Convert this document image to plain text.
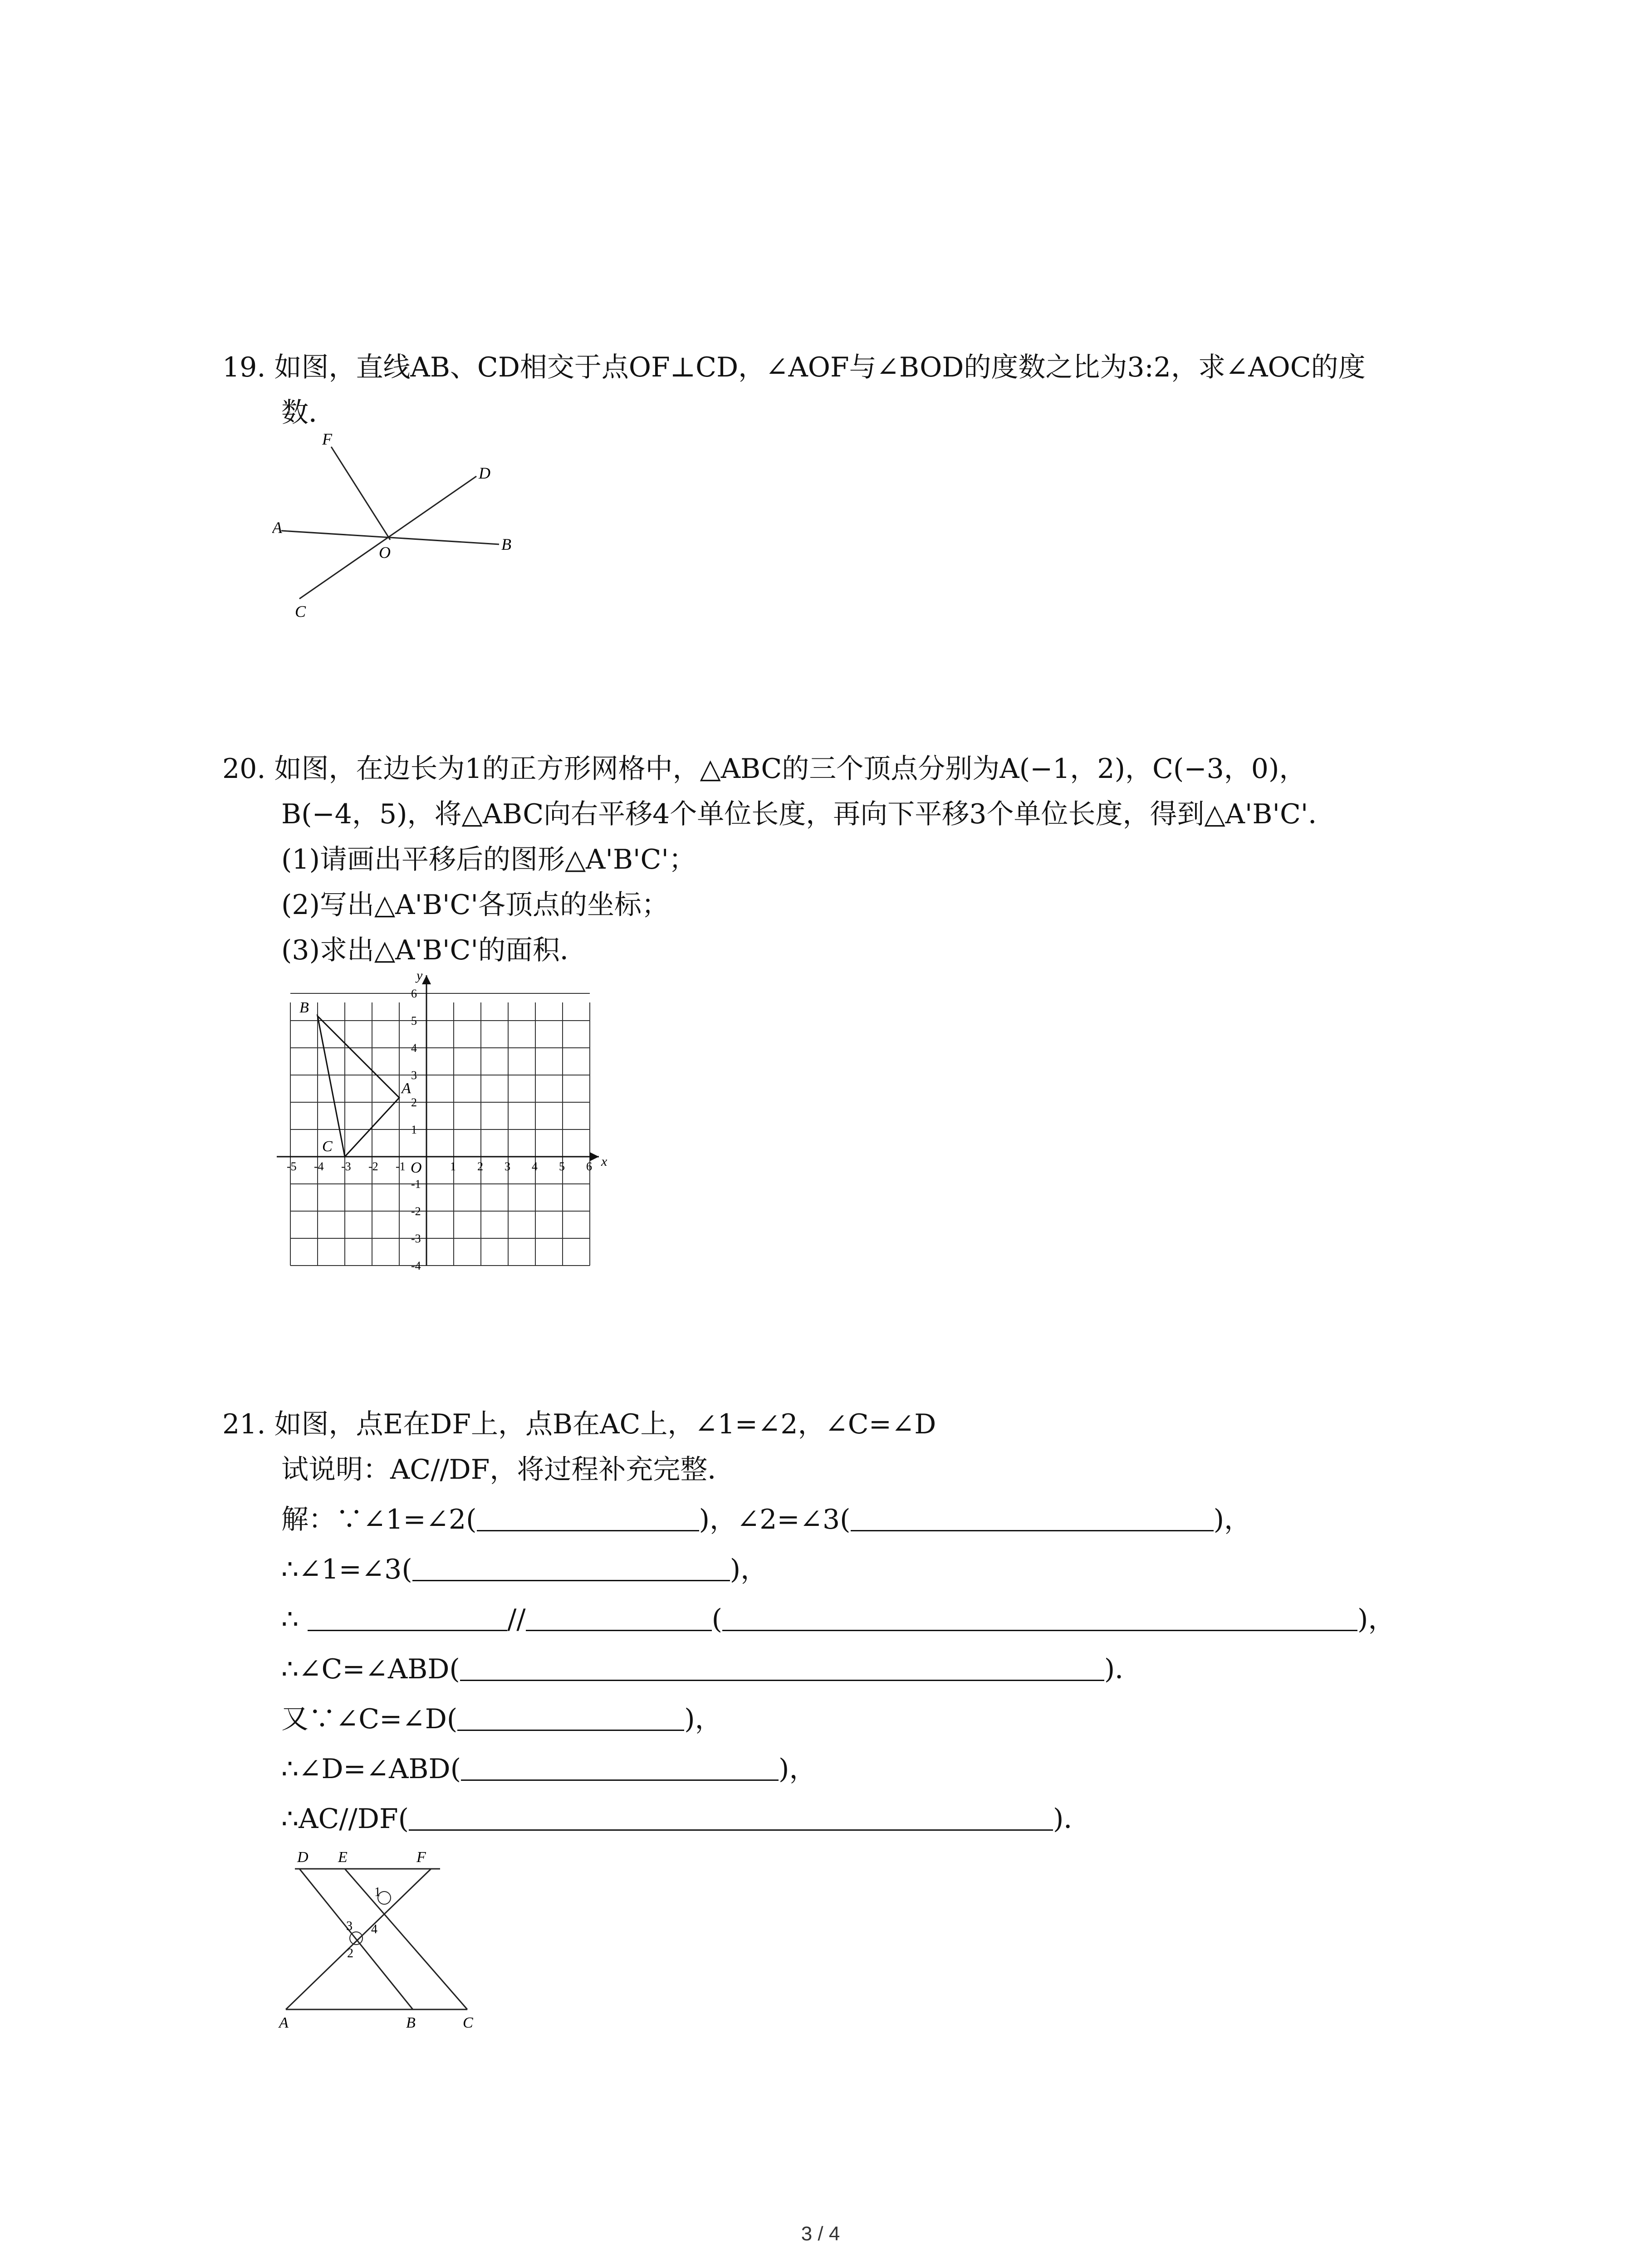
19. 如图，直线AB、CD相交于点OF⊥CD，∠AOF与∠BOD的度数之比为3:2，求∠AOC的度
数．
F
D
A
O	B
C
20. 如图，在边长为1的正方形网格中，△ABC的三个顶点分别为A(−1，2)，C(−3，0)，
B(−4，5)，将△ABC向右平移4个单位长度，再向下平移3个单位长度，得到△A'B'C'．
(1)请画出平移后的图形△A'B'C'；
(2)写出△A'B'C'各顶点的坐标；
(3)求出△A'B'C'的面积．
-5 -4 -3 -2 -1	1 2 3 4 5 6
6
5
4
3
2
1
-1
-2
-3
-4
x
y
O
B
A
C
21. 如图，点E在DF上，点B在AC上，∠1=∠2，∠C=∠D
试说明：AC//DF，将过程补充完整．
解：∵∠1=∠2(	)，∠2=∠3(	)，
∴∠1=∠3(	)，
∴	//	(	)，
∴∠C=∠ABD(	)．
又∵∠C=∠D(	)，
∴∠D=∠ABD(	)，
∴AC//DF(	)．
D E	F
A	B	C
1
3 4
2
3 / 4
